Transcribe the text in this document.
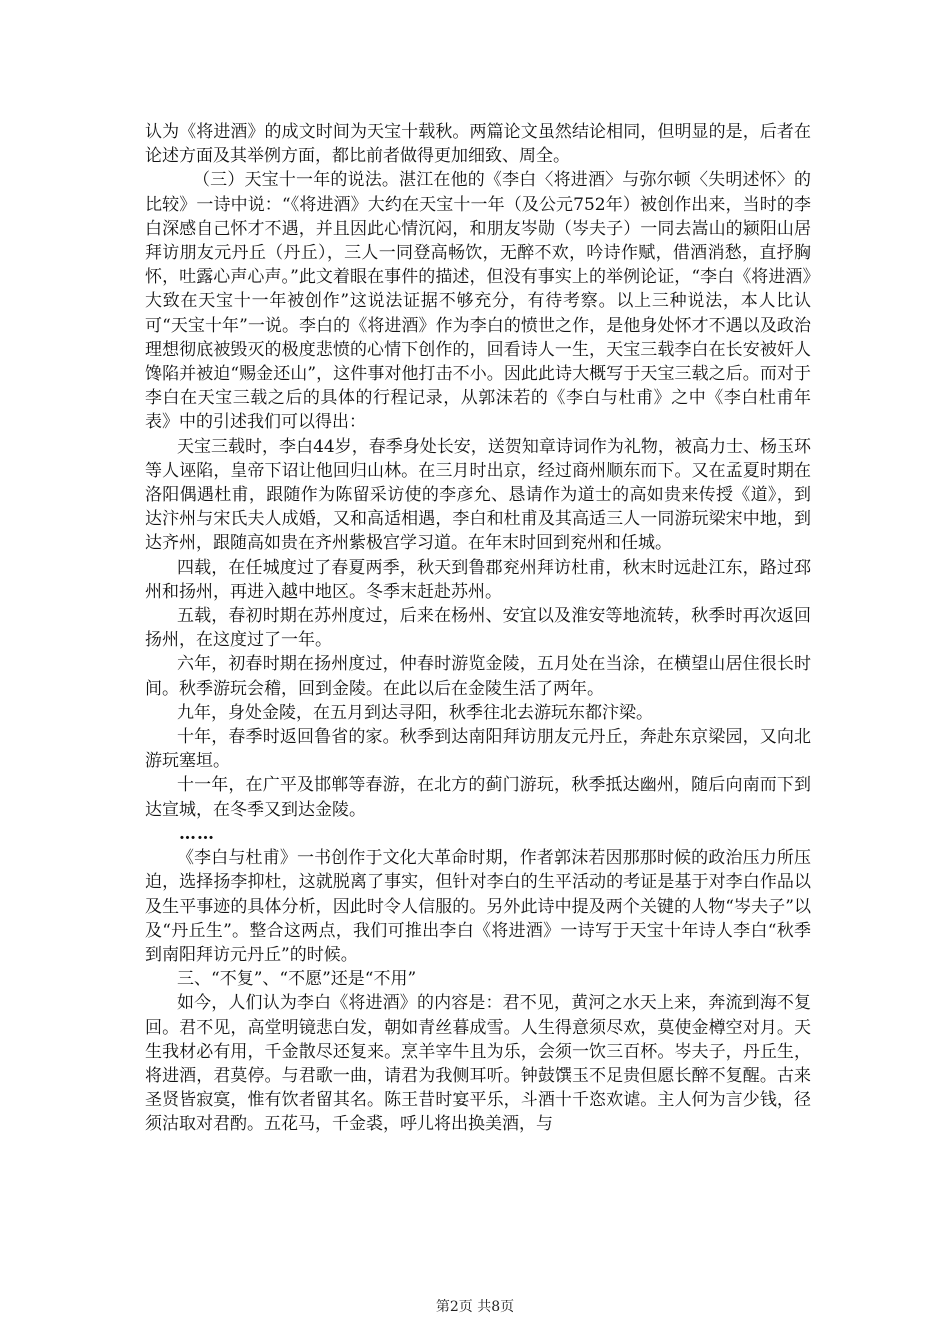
认为《将进酒》的成文时间为天宝十载秋。两篇论文虽然结论相同，但明显的是，后者在论述方面及其举例方面，都比前者做得更加细致、周全。

（三）天宝十一年的说法。湛江在他的《李白〈将进酒〉与弥尔顿〈失明述怀〉的比较》一诗中说：“《将进酒》大约在天宝十一年（及公元752年）被创作出来，当时的李白深感自己怀才不遇，并且因此心情沉闷，和朋友岑勋（岑夫子）一同去嵩山的颍阳山居拜访朋友元丹丘（丹丘），三人一同登高畅饮，无醉不欢，吟诗作赋，借酒消愁，直抒胸怀，吐露心声心声。”此文着眼在事件的描述，但没有事实上的举例论证，“李白《将进酒》大致在天宝十一年被创作”这说法证据不够充分，有待考察。以上三种说法，本人比认可“天宝十年”一说。李白的《将进酒》作为李白的愤世之作，是他身处怀才不遇以及政治理想彻底被毁灭的极度悲愤的心情下创作的，回看诗人一生，天宝三载李白在长安被奸人馋陷并被迫“赐金还山”，这件事对他打击不小。因此此诗大概写于天宝三载之后。而对于李白在天宝三载之后的具体的行程记录，从郭沫若的《李白与杜甫》之中《李白杜甫年表》中的引述我们可以得出：

天宝三载时，李白44岁，春季身处长安，送贺知章诗词作为礼物，被高力士、杨玉环等人诬陷，皇帝下诏让他回归山林。在三月时出京，经过商州顺东而下。又在孟夏时期在洛阳偶遇杜甫，跟随作为陈留采访使的李彦允、恳请作为道士的高如贵来传授《道》，到达汴州与宋氏夫人成婚，又和高适相遇，李白和杜甫及其高适三人一同游玩梁宋中地，到达齐州，跟随高如贵在齐州紫极宫学习道。在年末时回到兖州和任城。

四载，在任城度过了春夏两季，秋天到鲁郡兖州拜访杜甫，秋末时远赴江东，路过邳州和扬州，再进入越中地区。冬季末赶赴苏州。

五载，春初时期在苏州度过，后来在杨州、安宜以及淮安等地流转，秋季时再次返回扬州，在这度过了一年。

六年，初春时期在扬州度过，仲春时游览金陵，五月处在当涂，在横望山居住很长时间。秋季游玩会稽，回到金陵。在此以后在金陵生活了两年。

九年，身处金陵，在五月到达寻阳，秋季往北去游玩东都汴梁。

十年，春季时返回鲁省的家。秋季到达南阳拜访朋友元丹丘，奔赴东京梁园，又向北游玩塞垣。

十一年，在广平及邯郸等春游，在北方的蓟门游玩，秋季抵达幽州，随后向南而下到达宣城，在冬季又到达金陵。

……

《李白与杜甫》一书创作于文化大革命时期，作者郭沫若因那那时候的政治压力所压迫，选择扬李抑杜，这就脱离了事实，但针对李白的生平活动的考证是基于对李白作品以及生平事迹的具体分析，因此时令人信服的。另外此诗中提及两个关键的人物“岑夫子”以及“丹丘生”。整合这两点，我们可推出李白《将进酒》一诗写于天宝十年诗人李白“秋季到南阳拜访元丹丘”的时候。

三、“不复”、“不愿”还是“不用”

如今，人们认为李白《将进酒》的内容是：君不见，黄河之水天上来，奔流到海不复回。君不见，高堂明镜悲白发，朝如青丝暮成雪。人生得意须尽欢，莫使金樽空对月。天生我材必有用，千金散尽还复来。烹羊宰牛且为乐，会须一饮三百杯。岑夫子，丹丘生，将进酒，君莫停。与君歌一曲，请君为我侧耳听。钟鼓馔玉不足贵但愿长醉不复醒。古来圣贤皆寂寞，惟有饮者留其名。陈王昔时宴平乐，斗酒十千恣欢谑。主人何为言少钱，径须沽取对君酌。五花马，千金裘，呼儿将出换美酒，与

第2页 共8页
